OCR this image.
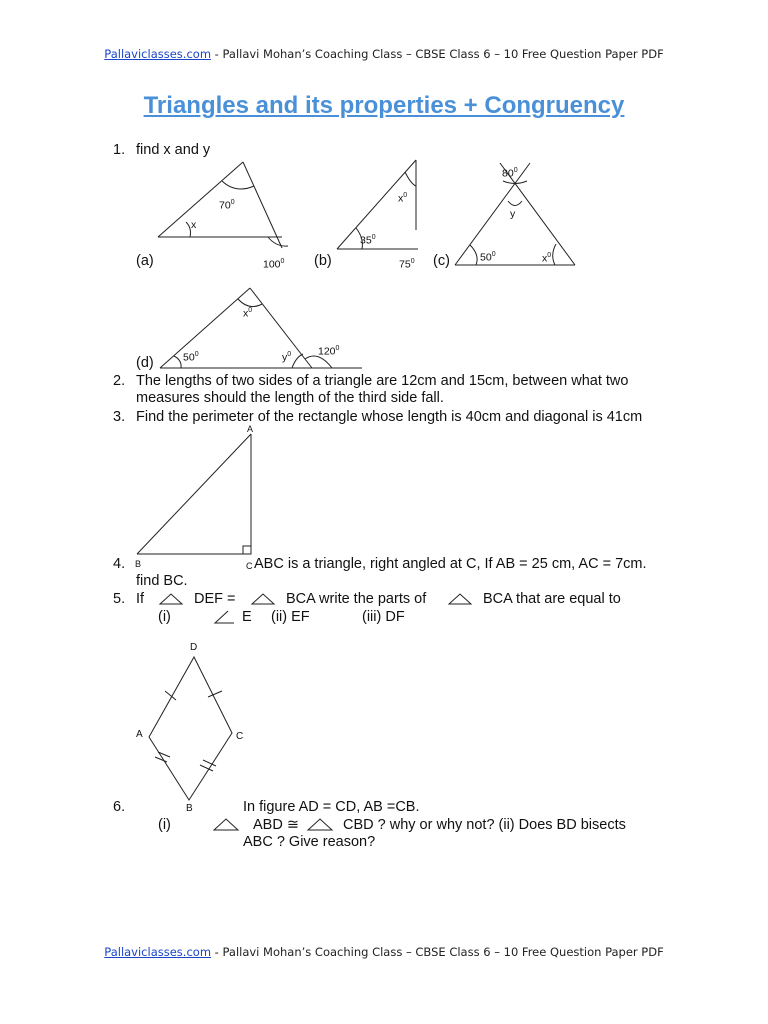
Pallaviclasses.com - Pallavi Mohan’s Coaching Class – CBSE Class 6 – 10 Free Question Paper PDF
Triangles and its properties + Congruency
1. find x and y
$70^0$
x
(a)	$100^0$
$x^0$
$35^0$
(b)	$75^0$
$80^0$
y
(c)	$50^0$	$x^0$
$x^0$
$50^0$	$y^0$	$120^0$
(d)
2. The lengths of two sides of a triangle are 12cm and 15cm, between what two
measures should the length of the third side fall.
3. Find the perimeter of the rectangle whose length is 40cm and diagonal is 41cm
A
B	C
4.	ABC is a triangle, right angled at C, If AB = 25 cm, AC = 7cm.
find BC.
5. If	DEF =	BCA write the parts of	BCA that are equal to
(i)	E (ii) EF	(iii) DF
D
A	C
B
6.	In figure AD = CD, AB =CB.
(i)	ABD ≅	CBD ? why or why not? (ii) Does BD bisects
ABC ? Give reason?
Pallaviclasses.com - Pallavi Mohan’s Coaching Class – CBSE Class 6 – 10 Free Question Paper PDF
